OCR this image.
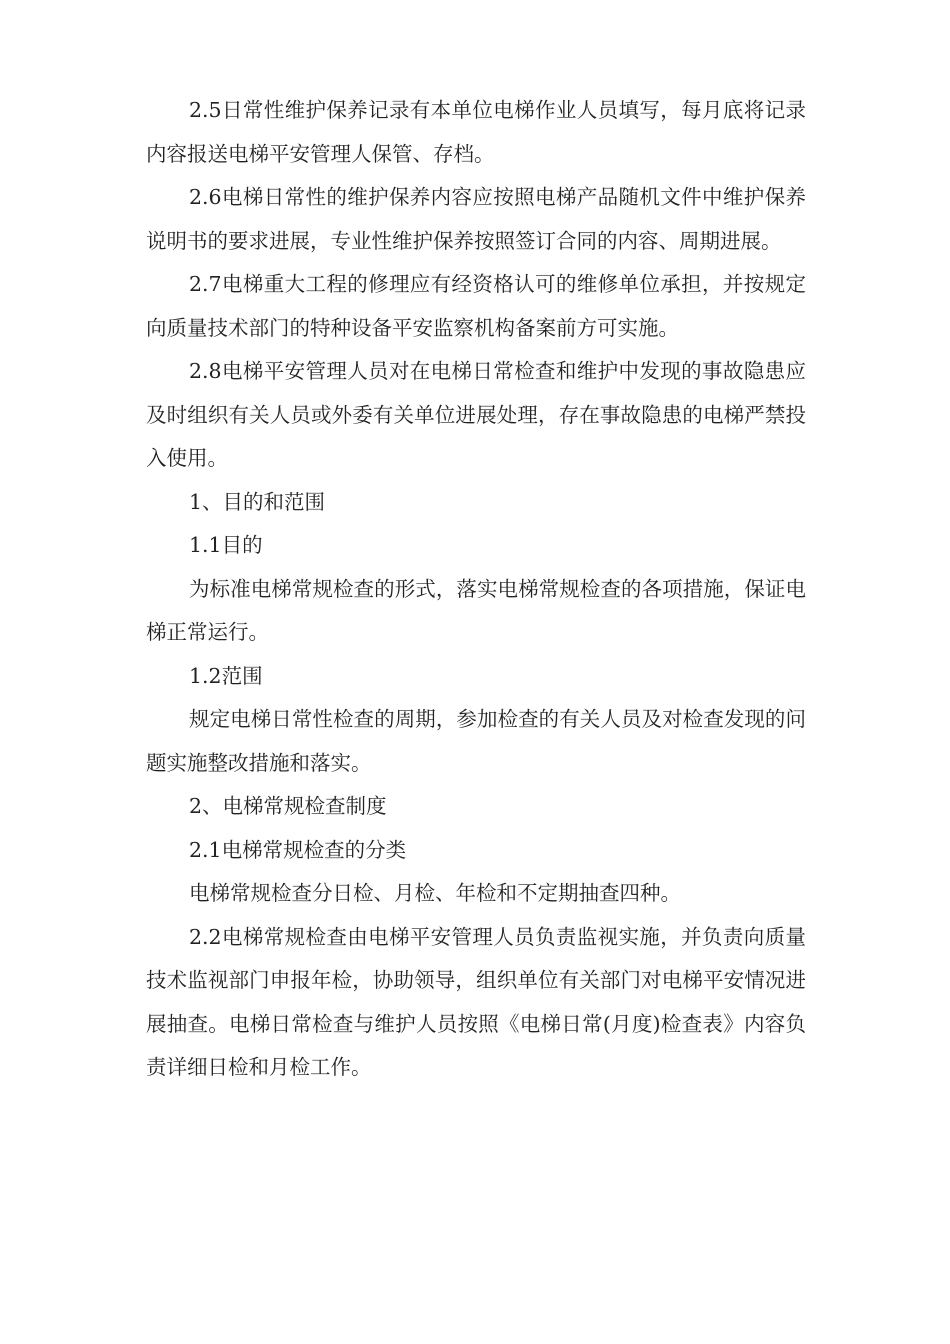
2.5日常性维护保养记录有本单位电梯作业人员填写，每月底将记录内容报送电梯平安管理人保管、存档。

2.6电梯日常性的维护保养内容应按照电梯产品随机文件中维护保养说明书的要求进展，专业性维护保养按照签订合同的内容、周期进展。

2.7电梯重大工程的修理应有经资格认可的维修单位承担，并按规定向质量技术部门的特种设备平安监察机构备案前方可实施。

2.8电梯平安管理人员对在电梯日常检查和维护中发现的事故隐患应及时组织有关人员或外委有关单位进展处理，存在事故隐患的电梯严禁投入使用。

1、目的和范围

1.1目的

为标准电梯常规检查的形式，落实电梯常规检查的各项措施，保证电梯正常运行。

1.2范围

规定电梯日常性检查的周期，参加检查的有关人员及对检查发现的问题实施整改措施和落实。

2、电梯常规检查制度

2.1电梯常规检查的分类

电梯常规检查分日检、月检、年检和不定期抽查四种。

2.2电梯常规检查由电梯平安管理人员负责监视实施，并负责向质量技术监视部门申报年检，协助领导，组织单位有关部门对电梯平安情况进展抽查。电梯日常检查与维护人员按照《电梯日常(月度)检查表》内容负责详细日检和月检工作。
